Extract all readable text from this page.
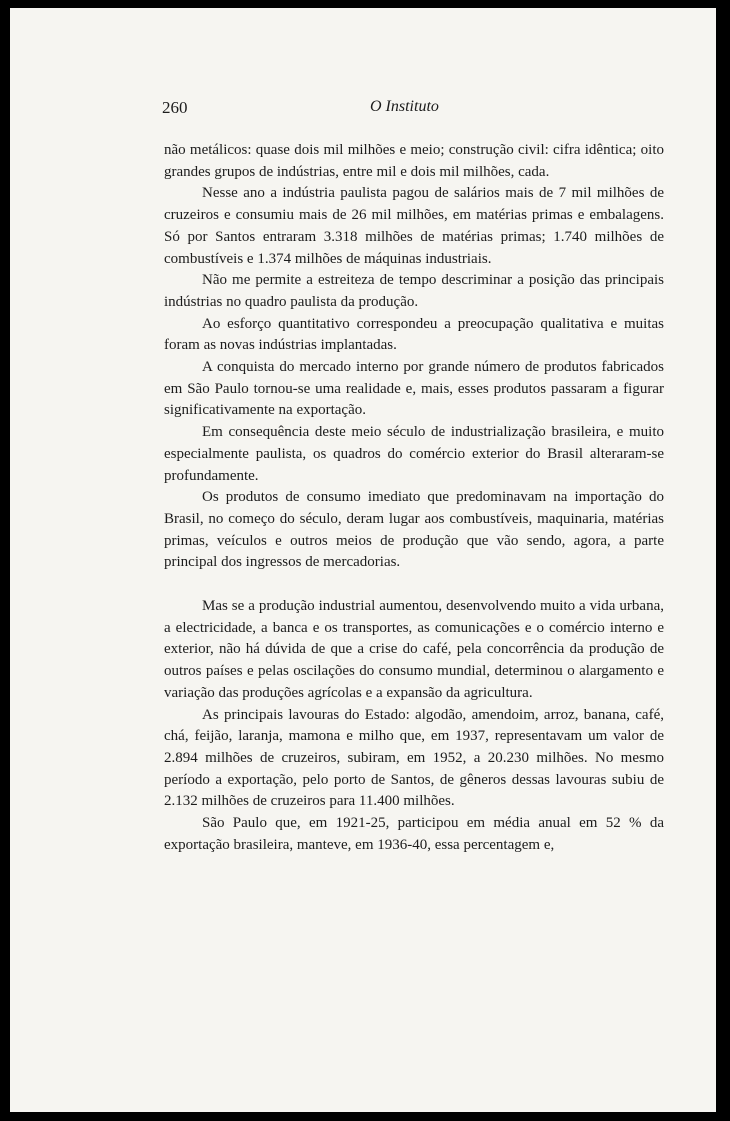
260	O Instituto

não metálicos: quase dois mil milhões e meio; construção civil: cifra idêntica; oito grandes grupos de indústrias, entre mil e dois mil milhões, cada.

Nesse ano a indústria paulista pagou de salários mais de 7 mil milhões de cruzeiros e consumiu mais de 26 mil milhões, em matérias primas e embalagens. Só por Santos entraram 3.318 milhões de matérias primas; 1.740 milhões de combustíveis e 1.374 milhões de máquinas industriais.

Não me permite a estreiteza de tempo descriminar a posição das principais indústrias no quadro paulista da produção.

Ao esforço quantitativo correspondeu a preocupação qualitativa e muitas foram as novas indústrias implantadas.

A conquista do mercado interno por grande número de produtos fabricados em São Paulo tornou-se uma realidade e, mais, esses produtos passaram a figurar significativamente na exportação.

Em consequência deste meio século de industrialização brasileira, e muito especialmente paulista, os quadros do comércio exterior do Brasil alteraram-se profundamente.

Os produtos de consumo imediato que predominavam na importação do Brasil, no começo do século, deram lugar aos combustíveis, maquinaria, matérias primas, veículos e outros meios de produção que vão sendo, agora, a parte principal dos ingressos de mercadorias.

Mas se a produção industrial aumentou, desenvolvendo muito a vida urbana, a electricidade, a banca e os transportes, as comunicações e o comércio interno e exterior, não há dúvida de que a crise do café, pela concorrência da produção de outros países e pelas oscilações do consumo mundial, determinou o alargamento e variação das produções agrícolas e a expansão da agricultura.

As principais lavouras do Estado: algodão, amendoim, arroz, banana, café, chá, feijão, laranja, mamona e milho que, em 1937, representavam um valor de 2.894 milhões de cruzeiros, subiram, em 1952, a 20.230 milhões. No mesmo período a exportação, pelo porto de Santos, de gêneros dessas lavouras subiu de 2.132 milhões de cruzeiros para 11.400 milhões.

São Paulo que, em 1921-25, participou em média anual em 52 % da exportação brasileira, manteve, em 1936-40, essa percentagem e,
